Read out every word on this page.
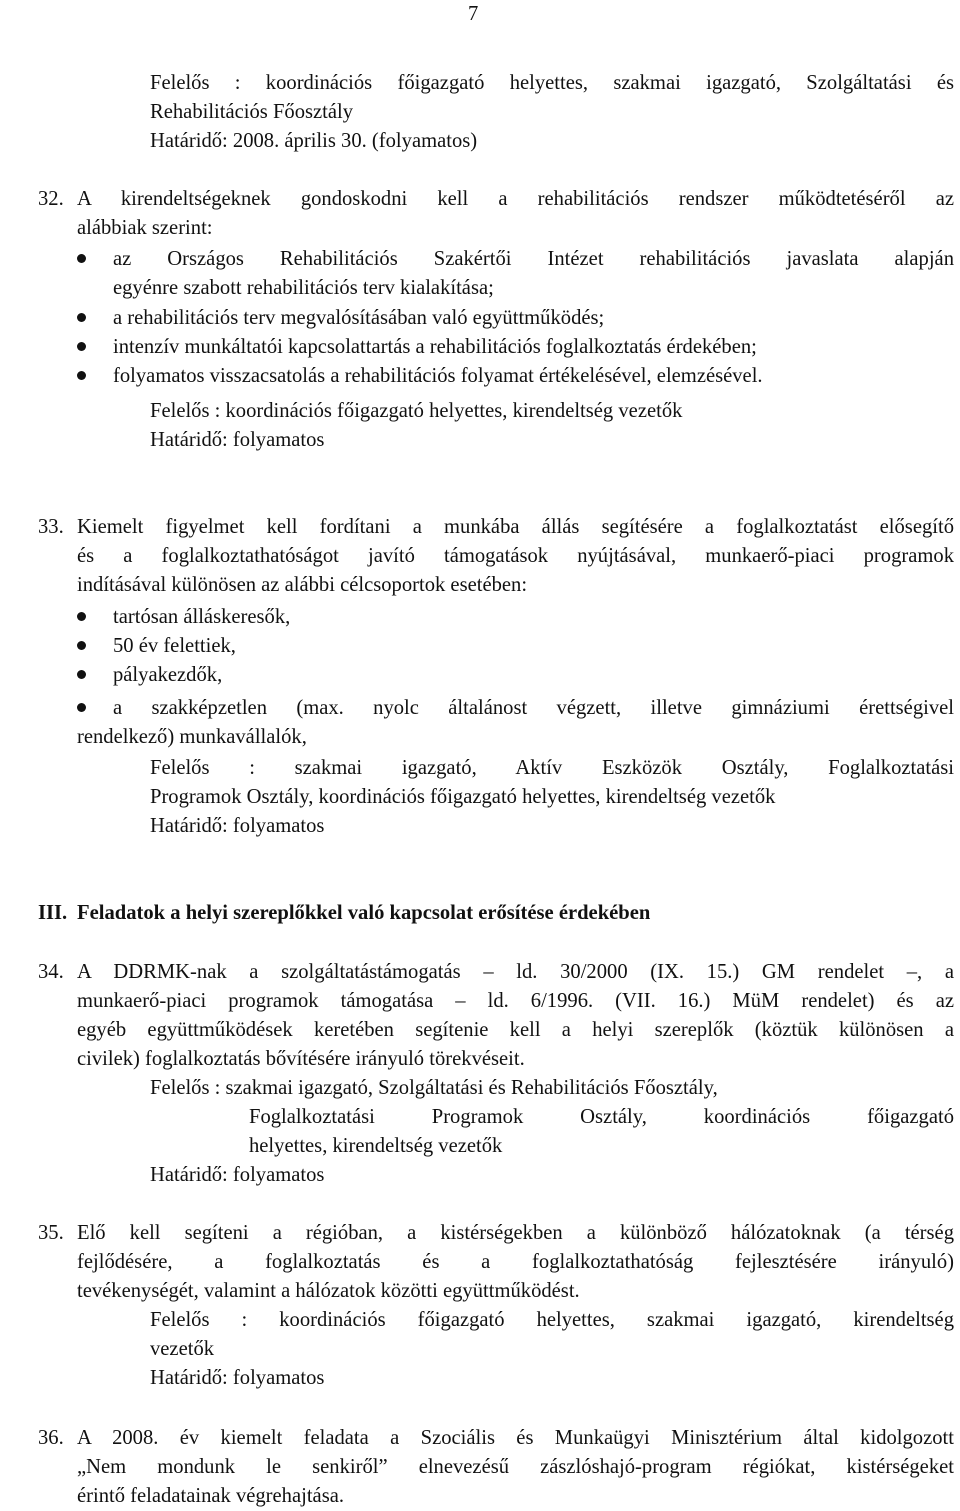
7
Felelős : koordinációs főigazgató helyettes, szakmai igazgató, Szolgáltatási és
Rehabilitációs Főosztály
Határidő: 2008. április 30. (folyamatos)
32. A kirendeltségeknek gondoskodni kell a rehabilitációs rendszer működtetéséről az
alábbiak szerint:
az Országos Rehabilitációs Szakértői Intézet rehabilitációs javaslata alapján
egyénre szabott rehabilitációs terv kialakítása;
a rehabilitációs terv megvalósításában való együttműködés;
intenzív munkáltatói kapcsolattartás a rehabilitációs foglalkoztatás érdekében;
folyamatos visszacsatolás a rehabilitációs folyamat értékelésével, elemzésével.
Felelős : koordinációs főigazgató helyettes, kirendeltség vezetők
Határidő: folyamatos
33. Kiemelt figyelmet kell fordítani a munkába állás segítésére a foglalkoztatást elősegítő
és a foglalkoztathatóságot javító támogatások nyújtásával, munkaerő-piaci programok
indításával különösen az alábbi célcsoportok esetében:
tartósan álláskeresők,
50 év felettiek,
pályakezdők,
a szakképzetlen (max. nyolc általánost végzett, illetve gimnáziumi érettségivel
rendelkező) munkavállalók,
Felelős : szakmai igazgató, Aktív Eszközök Osztály, Foglalkoztatási
Programok Osztály, koordinációs főigazgató helyettes, kirendeltség vezetők
Határidő: folyamatos
III. Feladatok a helyi szereplőkkel való kapcsolat erősítése érdekében
34. A DDRMK-nak a szolgáltatástámogatás – ld. 30/2000 (IX. 15.) GM rendelet –, a
munkaerő-piaci programok támogatása – ld. 6/1996. (VII. 16.) MüM rendelet) és az
egyéb együttműködések keretében segítenie kell a helyi szereplők (köztük különösen a
civilek) foglalkoztatás bővítésére irányuló törekvéseit.
Felelős : szakmai igazgató, Szolgáltatási és Rehabilitációs Főosztály,
Foglalkoztatási Programok Osztály, koordinációs főigazgató
helyettes, kirendeltség vezetők
Határidő: folyamatos
35. Elő kell segíteni a régióban, a kistérségekben a különböző hálózatoknak (a térség
fejlődésére, a foglalkoztatás és a foglalkoztathatóság fejlesztésére irányuló)
tevékenységét, valamint a hálózatok közötti együttműködést.
Felelős : koordinációs főigazgató helyettes, szakmai igazgató, kirendeltség
vezetők
Határidő: folyamatos
36. A 2008. év kiemelt feladata a Szociális és Munkaügyi Minisztérium által kidolgozott
„Nem mondunk le senkiről” elnevezésű zászlóshajó-program régiókat, kistérségeket
érintő feladatainak végrehajtása.
